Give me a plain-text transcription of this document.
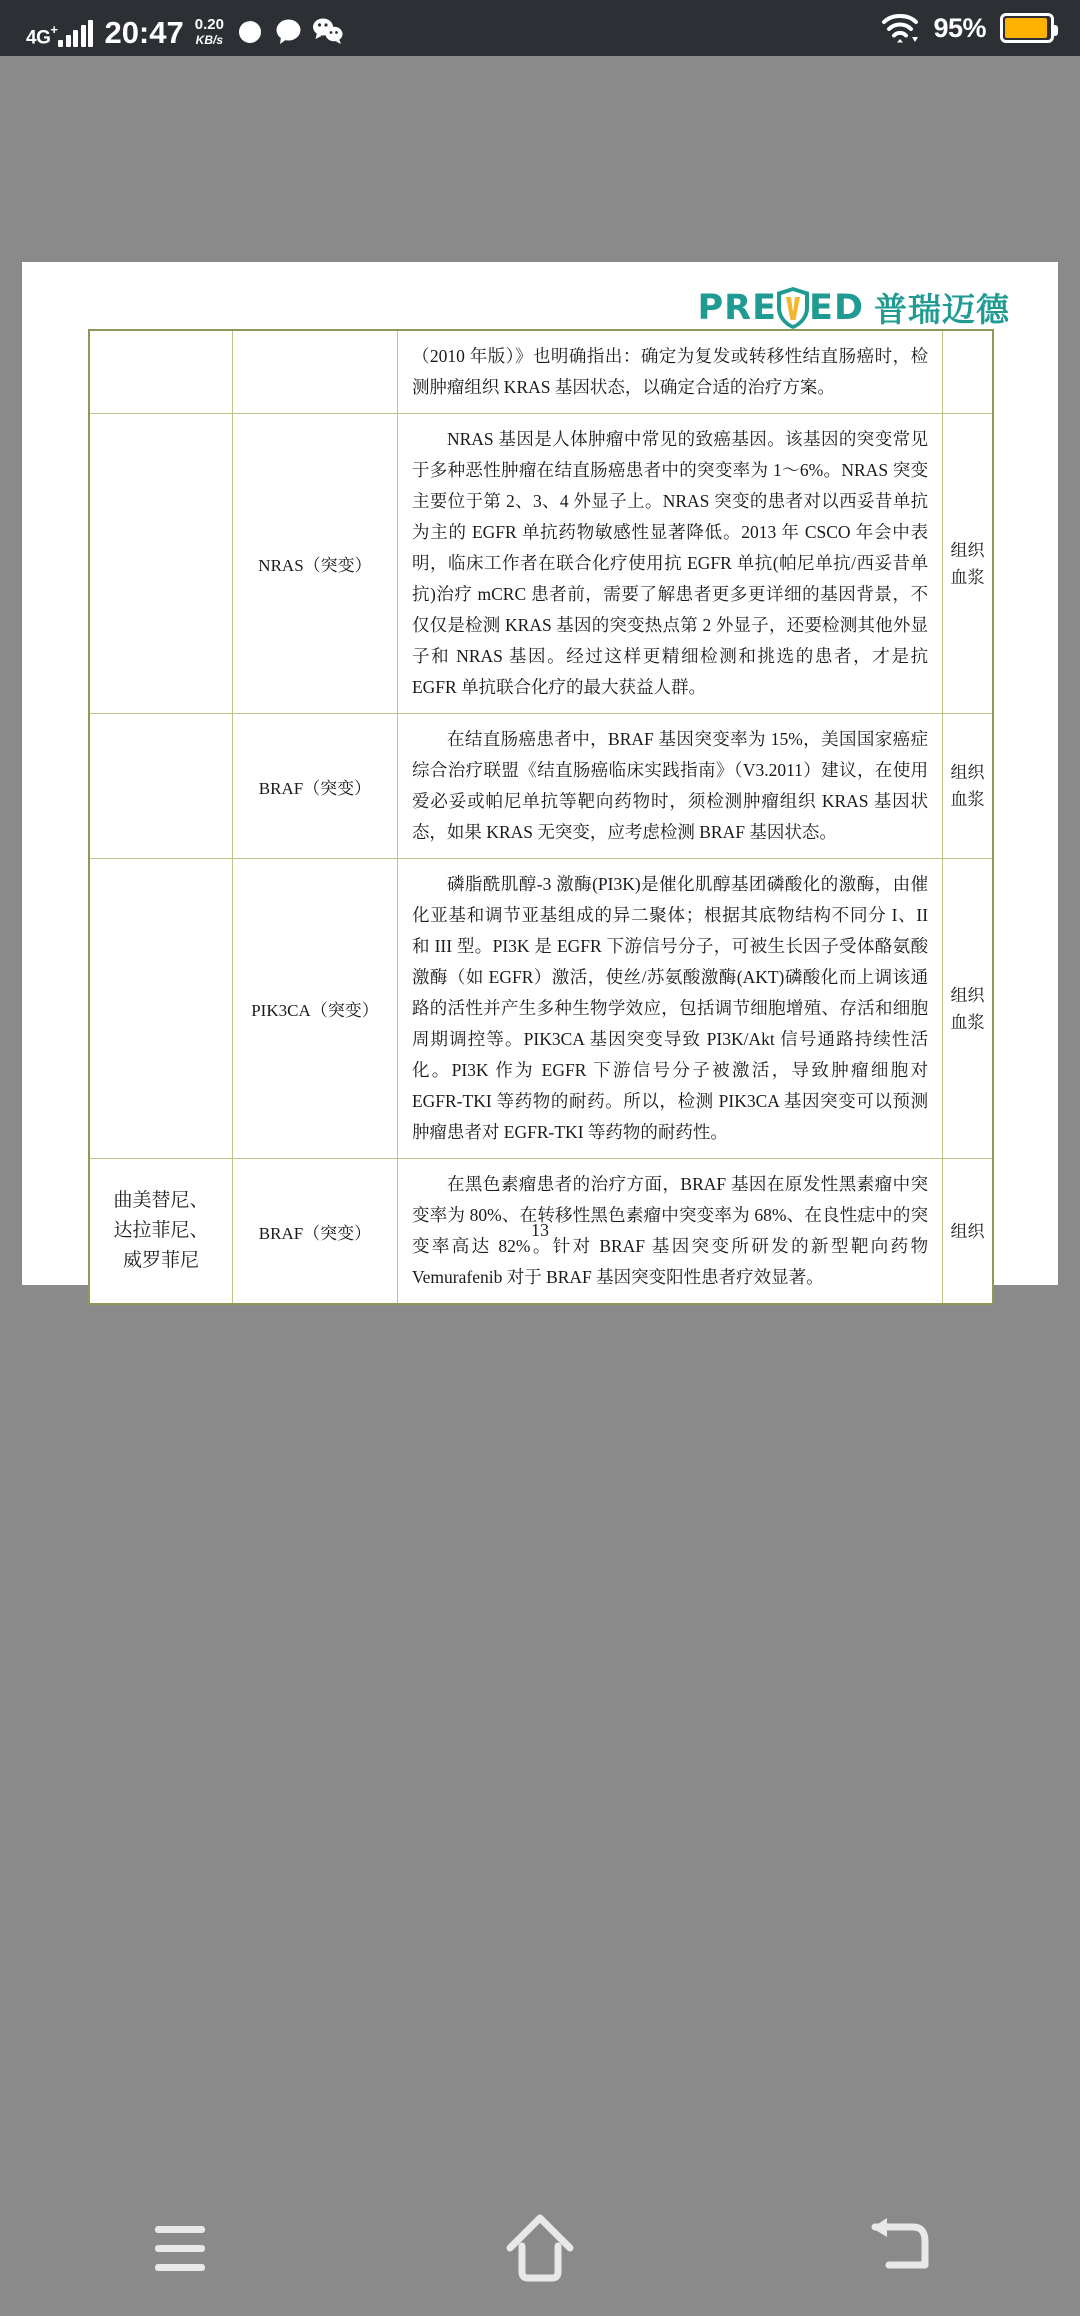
4G+ 20:47 0.20
KB/s	95%
PRE ED 普瑞迈德
		（2010 年版）》也明确指出：确定为复发或转移性结直肠癌时，检测肿瘤组织 KRAS 基因状态，以确定合适的治疗方案。	
	NRAS（突变）	NRAS 基因是人体肿瘤中常见的致癌基因。该基因的突变常见于多种恶性肿瘤在结直肠癌患者中的突变率为 1～6%。NRAS 突变主要位于第 2、3、4 外显子上。NRAS 突变的患者对以西妥昔单抗为主的 EGFR 单抗药物敏感性显著降低。2013 年 CSCO 年会中表明，临床工作者在联合化疗使用抗 EGFR 单抗(帕尼单抗/西妥昔单抗)治疗 mCRC 患者前，需要了解患者更多更详细的基因背景，不仅仅是检测 KRAS 基因的突变热点第 2 外显子，还要检测其他外显子和 NRAS 基因。经过这样更精细检测和挑选的患者，才是抗 EGFR 单抗联合化疗的最大获益人群。	组织
血浆
	BRAF（突变）	在结直肠癌患者中，BRAF 基因突变率为 15%，美国国家癌症综合治疗联盟《结直肠癌临床实践指南》（V3.2011）建议，在使用爱必妥或帕尼单抗等靶向药物时，须检测肿瘤组织 KRAS 基因状态，如果 KRAS 无突变，应考虑检测 BRAF 基因状态。	组织
血浆
	PIK3CA（突变）	磷脂酰肌醇-3 激酶(PI3K)是催化肌醇基团磷酸化的激酶，由催化亚基和调节亚基组成的异二聚体；根据其底物结构不同分 I、II 和 III 型。PI3K 是 EGFR 下游信号分子，可被生长因子受体酪氨酸激酶（如 EGFR）激活，使丝/苏氨酸激酶(AKT)磷酸化而上调该通路的活性并产生多种生物学效应，包括调节细胞增殖、存活和细胞周期调控等。PIK3CA 基因突变导致 PI3K/Akt 信号通路持续性活化。PI3K 作为 EGFR 下游信号分子被激活，导致肿瘤细胞对 EGFR-TKI 等药物的耐药。所以，检测 PIK3CA 基因突变可以预测肿瘤患者对 EGFR-TKI 等药物的耐药性。	组织
血浆
曲美替尼、
达拉菲尼、
威罗菲尼	BRAF（突变）	在黑色素瘤患者的治疗方面，BRAF 基因在原发性黑素瘤中突变率为 80%、在转移性黑色素瘤中突变率为 68%、在良性痣中的突变率高达 82%。针对 BRAF 基因突变所研发的新型靶向药物 Vemurafenib 对于 BRAF 基因突变阳性患者疗效显著。	组织
13
